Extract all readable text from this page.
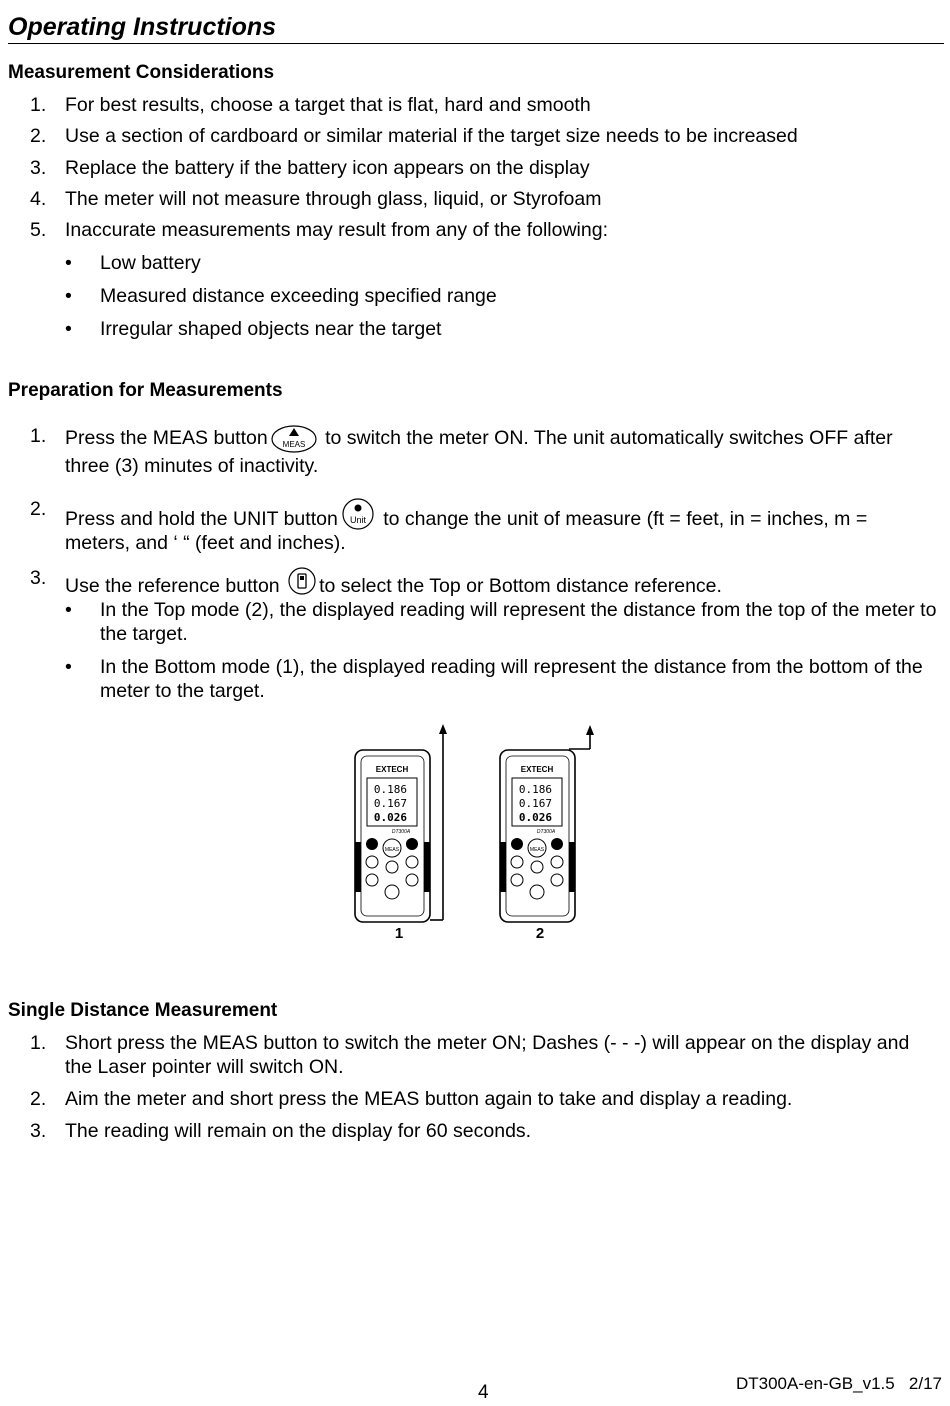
Operating Instructions
Measurement Considerations
1. For best results, choose a target that is flat, hard and smooth
2. Use a section of cardboard or similar material if the target size needs to be increased
3. Replace the battery if the battery icon appears on the display
4. The meter will not measure through glass, liquid, or Styrofoam
5. Inaccurate measurements may result from any of the following:
• Low battery
• Measured distance exceeding specified range
• Irregular shaped objects near the target
Preparation for Measurements
1. Press the MEAS button MEAS to switch the meter ON. The unit automatically switches OFF after three (3) minutes of inactivity.
2. Press and hold the UNIT button Unit to change the unit of measure (ft = feet, in = inches, m = meters, and ‘ “ (feet and inches).
3. Use the reference button to select the Top or Bottom distance reference.
• In the Top mode (2), the displayed reading will represent the distance from the top of the meter to the target.
• In the Bottom mode (1), the displayed reading will represent the distance from the bottom of the meter to the target.
EXTECH
0.186
0.167
0.026
DT300A
MEAS
1
EXTECH
0.186
0.167
0.026
DT300A
MEAS
2
Single Distance Measurement
1. Short press the MEAS button to switch the meter ON; Dashes (- - -) will appear on the display and the Laser pointer will switch ON.
2. Aim the meter and short press the MEAS button again to take and display a reading.
3. The reading will remain on the display for 60 seconds.
4	DT300A-en-GB_v1.5   2/17
